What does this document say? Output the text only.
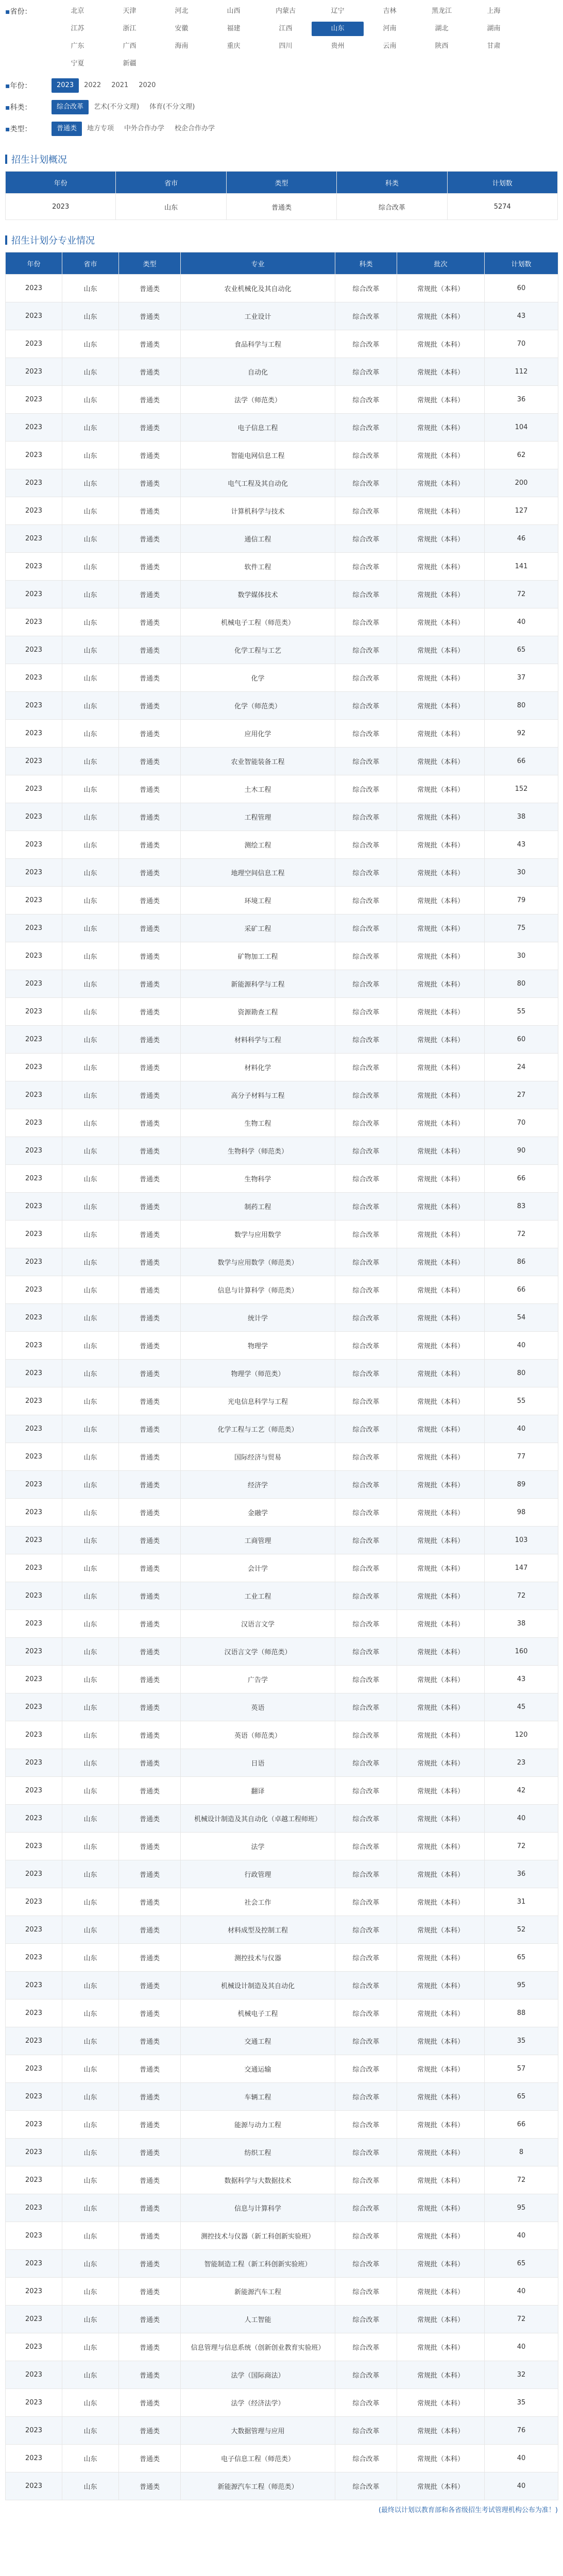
▪省份：	北京	天津	河北	山西	内蒙古	辽宁	吉林	黑龙江	上海
江苏	浙江	安徽	福建	江西	山东	河南	湖北	湖南
广东	广西	海南	重庆	四川	贵州	云南	陕西	甘肃
宁夏	新疆
▪年份：	2023	2022	2021	2020
▪科类：	综合改革	艺术(不分文理)	体育(不分文理)
▪类型：	普通类	地方专项	中外合作办学	校企合作办学
招生计划概况
年份	省市	类型	科类	计划数
2023	山东	普通类	综合改革	5274
招生计划分专业情况
年份	省市	类型	专业	科类	批次	计划数
2023	山东	普通类	农业机械化及其自动化	综合改革	常规批（本科）	60
2023	山东	普通类	工业设计	综合改革	常规批（本科）	43
2023	山东	普通类	食品科学与工程	综合改革	常规批（本科）	70
2023	山东	普通类	自动化	综合改革	常规批（本科）	112
2023	山东	普通类	法学（师范类）	综合改革	常规批（本科）	36
2023	山东	普通类	电子信息工程	综合改革	常规批（本科）	104
2023	山东	普通类	智能电网信息工程	综合改革	常规批（本科）	62
2023	山东	普通类	电气工程及其自动化	综合改革	常规批（本科）	200
2023	山东	普通类	计算机科学与技术	综合改革	常规批（本科）	127
2023	山东	普通类	通信工程	综合改革	常规批（本科）	46
2023	山东	普通类	软件工程	综合改革	常规批（本科）	141
2023	山东	普通类	数学媒体技术	综合改革	常规批（本科）	72
2023	山东	普通类	机械电子工程（师范类）	综合改革	常规批（本科）	40
2023	山东	普通类	化学工程与工艺	综合改革	常规批（本科）	65
2023	山东	普通类	化学	综合改革	常规批（本科）	37
2023	山东	普通类	化学（师范类）	综合改革	常规批（本科）	80
2023	山东	普通类	应用化学	综合改革	常规批（本科）	92
2023	山东	普通类	农业智能装备工程	综合改革	常规批（本科）	66
2023	山东	普通类	土木工程	综合改革	常规批（本科）	152
2023	山东	普通类	工程管理	综合改革	常规批（本科）	38
2023	山东	普通类	测绘工程	综合改革	常规批（本科）	43
2023	山东	普通类	地理空间信息工程	综合改革	常规批（本科）	30
2023	山东	普通类	环境工程	综合改革	常规批（本科）	79
2023	山东	普通类	采矿工程	综合改革	常规批（本科）	75
2023	山东	普通类	矿物加工工程	综合改革	常规批（本科）	30
2023	山东	普通类	新能源科学与工程	综合改革	常规批（本科）	80
2023	山东	普通类	资源勘查工程	综合改革	常规批（本科）	55
2023	山东	普通类	材料科学与工程	综合改革	常规批（本科）	60
2023	山东	普通类	材料化学	综合改革	常规批（本科）	24
2023	山东	普通类	高分子材料与工程	综合改革	常规批（本科）	27
2023	山东	普通类	生物工程	综合改革	常规批（本科）	70
2023	山东	普通类	生物科学（师范类）	综合改革	常规批（本科）	90
2023	山东	普通类	生物科学	综合改革	常规批（本科）	66
2023	山东	普通类	制药工程	综合改革	常规批（本科）	83
2023	山东	普通类	数学与应用数学	综合改革	常规批（本科）	72
2023	山东	普通类	数学与应用数学（师范类）	综合改革	常规批（本科）	86
2023	山东	普通类	信息与计算科学（师范类）	综合改革	常规批（本科）	66
2023	山东	普通类	统计学	综合改革	常规批（本科）	54
2023	山东	普通类	物理学	综合改革	常规批（本科）	40
2023	山东	普通类	物理学（师范类）	综合改革	常规批（本科）	80
2023	山东	普通类	光电信息科学与工程	综合改革	常规批（本科）	55
2023	山东	普通类	化学工程与工艺（师范类）	综合改革	常规批（本科）	40
2023	山东	普通类	国际经济与贸易	综合改革	常规批（本科）	77
2023	山东	普通类	经济学	综合改革	常规批（本科）	89
2023	山东	普通类	金融学	综合改革	常规批（本科）	98
2023	山东	普通类	工商管理	综合改革	常规批（本科）	103
2023	山东	普通类	会计学	综合改革	常规批（本科）	147
2023	山东	普通类	工业工程	综合改革	常规批（本科）	72
2023	山东	普通类	汉语言文学	综合改革	常规批（本科）	38
2023	山东	普通类	汉语言文学（师范类）	综合改革	常规批（本科）	160
2023	山东	普通类	广告学	综合改革	常规批（本科）	43
2023	山东	普通类	英语	综合改革	常规批（本科）	45
2023	山东	普通类	英语（师范类）	综合改革	常规批（本科）	120
2023	山东	普通类	日语	综合改革	常规批（本科）	23
2023	山东	普通类	翻译	综合改革	常规批（本科）	42
2023	山东	普通类	机械设计制造及其自动化（卓越工程师班）	综合改革	常规批（本科）	40
2023	山东	普通类	法学	综合改革	常规批（本科）	72
2023	山东	普通类	行政管理	综合改革	常规批（本科）	36
2023	山东	普通类	社会工作	综合改革	常规批（本科）	31
2023	山东	普通类	材料成型及控制工程	综合改革	常规批（本科）	52
2023	山东	普通类	测控技术与仪器	综合改革	常规批（本科）	65
2023	山东	普通类	机械设计制造及其自动化	综合改革	常规批（本科）	95
2023	山东	普通类	机械电子工程	综合改革	常规批（本科）	88
2023	山东	普通类	交通工程	综合改革	常规批（本科）	35
2023	山东	普通类	交通运输	综合改革	常规批（本科）	57
2023	山东	普通类	车辆工程	综合改革	常规批（本科）	65
2023	山东	普通类	能源与动力工程	综合改革	常规批（本科）	66
2023	山东	普通类	纺织工程	综合改革	常规批（本科）	8
2023	山东	普通类	数据科学与大数据技术	综合改革	常规批（本科）	72
2023	山东	普通类	信息与计算科学	综合改革	常规批（本科）	95
2023	山东	普通类	测控技术与仪器（新工科创新实验班）	综合改革	常规批（本科）	40
2023	山东	普通类	智能制造工程（新工科创新实验班）	综合改革	常规批（本科）	65
2023	山东	普通类	新能源汽车工程	综合改革	常规批（本科）	40
2023	山东	普通类	人工智能	综合改革	常规批（本科）	72
2023	山东	普通类	信息管理与信息系统（创新创业教育实验班）	综合改革	常规批（本科）	40
2023	山东	普通类	法学（国际商法）	综合改革	常规批（本科）	32
2023	山东	普通类	法学（经济法学）	综合改革	常规批（本科）	35
2023	山东	普通类	大数据管理与应用	综合改革	常规批（本科）	76
2023	山东	普通类	电子信息工程（师范类）	综合改革	常规批（本科）	40
2023	山东	普通类	新能源汽车工程（师范类）	综合改革	常规批（本科）	40
(最终以计划以教育部和各省级招生考试管理机构公布为准！)
